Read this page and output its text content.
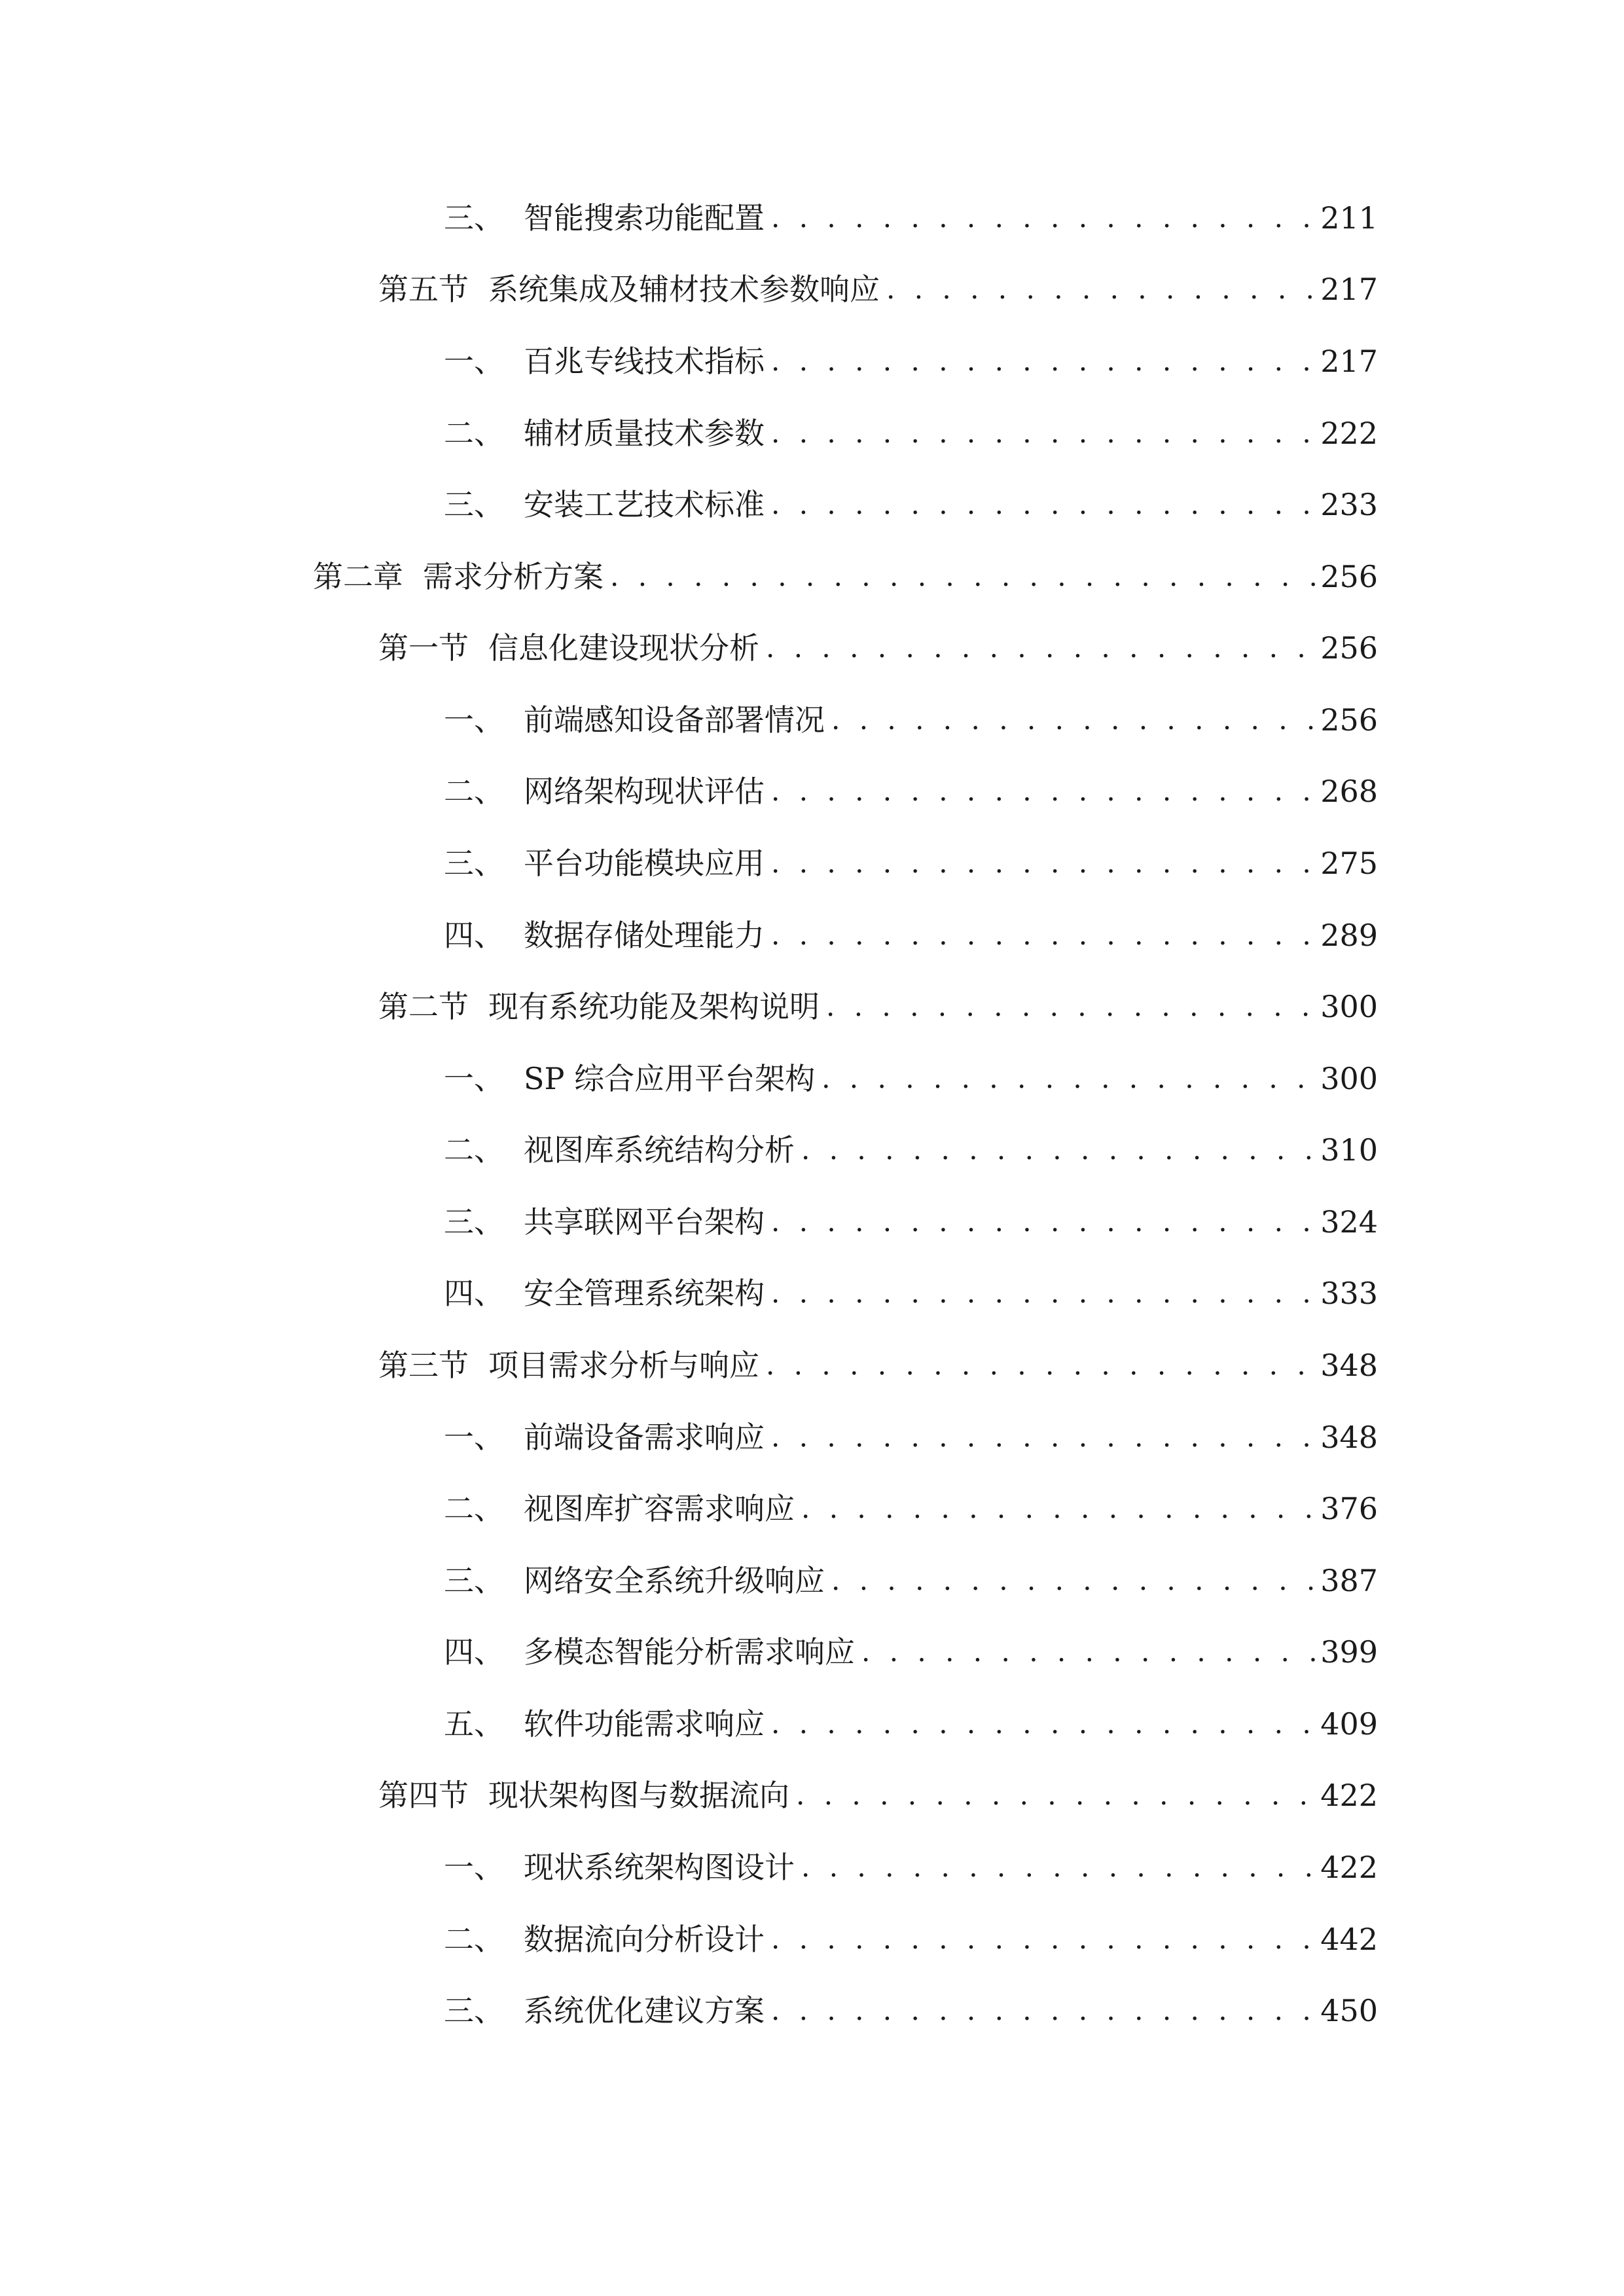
三、 智能搜索功能配置 . . .	211
第五节 系统集成及辅材技术参数响应 . . .	217
一、 百兆专线技术指标 . . .	217
二、 辅材质量技术参数 . . .	222
三、 安装工艺技术标准 . . .	233
第二章 需求分析方案 . . .	256
第一节 信息化建设现状分析 . . .	256
一、 前端感知设备部署情况 . . .	256
二、 网络架构现状评估 . . .	268
三、 平台功能模块应用 . . .	275
四、 数据存储处理能力 . . .	289
第二节 现有系统功能及架构说明 . . .	300
一、 SP 综合应用平台架构 . . .	300
二、 视图库系统结构分析 . . .	310
三、 共享联网平台架构 . . .	324
四、 安全管理系统架构 . . .	333
第三节 项目需求分析与响应 . . .	348
一、 前端设备需求响应 . . .	348
二、 视图库扩容需求响应 . . .	376
三、 网络安全系统升级响应 . . .	387
四、 多模态智能分析需求响应 . . .	399
五、 软件功能需求响应 . . .	409
第四节 现状架构图与数据流向 . . .	422
一、 现状系统架构图设计 . . .	422
二、 数据流向分析设计 . . .	442
三、 系统优化建议方案 . . .	450
